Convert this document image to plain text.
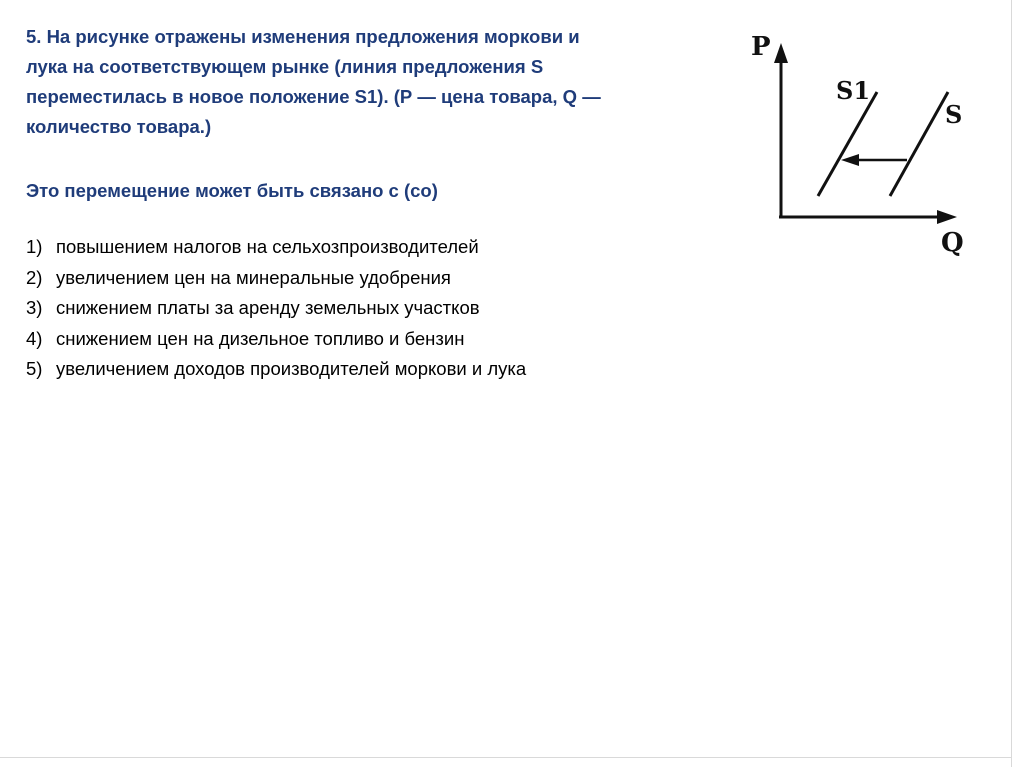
5. На рисунке отражены изменения предложения моркови и
лука на соответствующем рынке (линия предложения S
переместилась в новое положение S1). (Р — цена товара, Q —
количество товара.)
Это перемещение может быть связано с (со)
1) повышением налогов на сельхозпроизводителей
2) увеличением цен на минеральные удобрения
3) снижением платы за аренду земельных участков
4) снижением цен на дизельное топливо и бензин
5) увеличением доходов производителей моркови и лука
P
Q
S1
S
